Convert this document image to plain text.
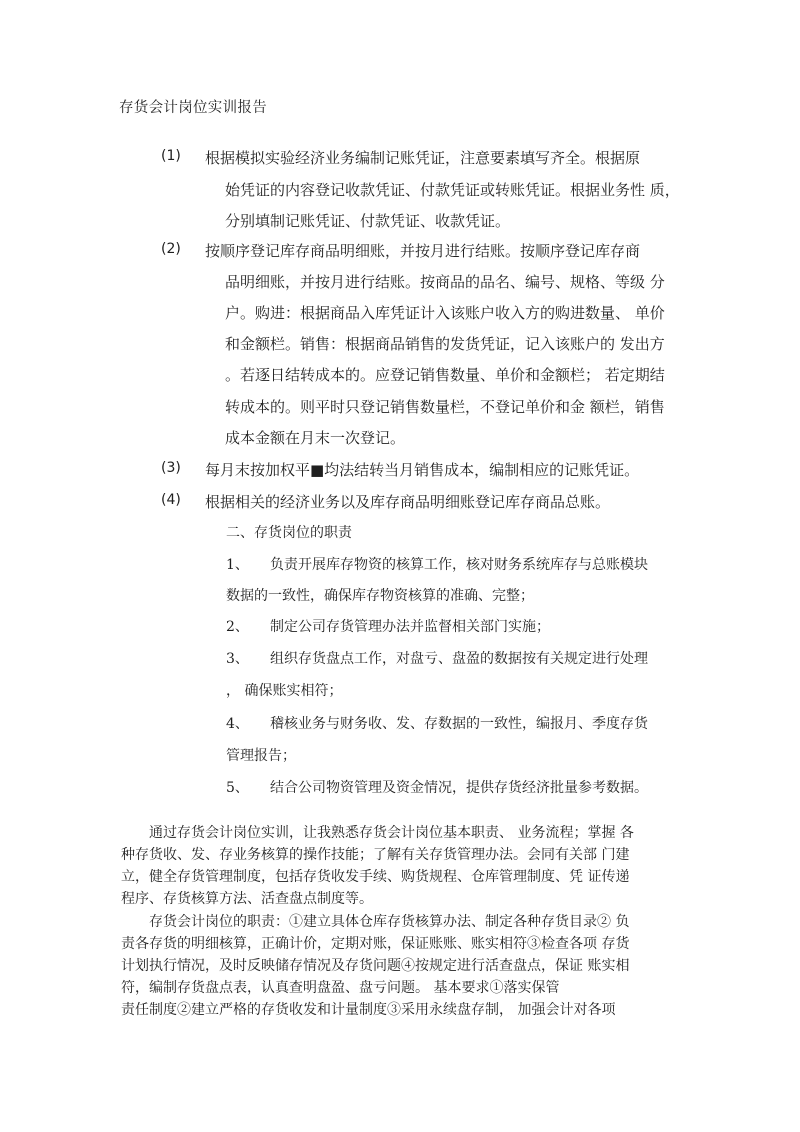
存货会计岗位实训报告
(1) 根据模拟实验经济业务编制记账凭证，注意要素填写齐全。根据原
始凭证的内容登记收款凭证、付款凭证或转账凭证。根据业务性 质，
分别填制记账凭证、付款凭证、收款凭证。
(2) 按顺序登记库存商品明细账，并按月进行结账。按顺序登记库存商
品明细账，并按月进行结账。按商品的品名、编号、规格、等级 分
户。购进：根据商品入库凭证计入该账户收入方的购进数量、 单价
和金额栏。销售：根据商品销售的发货凭证，记入该账户的 发出方
。若逐日结转成本的。应登记销售数量、单价和金额栏； 若定期结
转成本的。则平时只登记销售数量栏，不登记单价和金 额栏，销售
成本金额在月末一次登记。
(3) 每月末按加权平■均法结转当月销售成本，编制相应的记账凭证。
(4) 根据相关的经济业务以及库存商品明细账登记库存商品总账。
二、存货岗位的职责
1、 负责开展库存物资的核算工作，核对财务系统库存与总账模块
数据的一致性，确保库存物资核算的准确、完整；
2、 制定公司存货管理办法并监督相关部门实施；
3、 组织存货盘点工作，对盘亏、盘盈的数据按有关规定进行处理
， 确保账实相符；
4、 稽核业务与财务收、发、存数据的一致性，编报月、季度存货
管理报告；
5、 结合公司物资管理及资金情况，提供存货经济批量参考数据。
通过存货会计岗位实训，让我熟悉存货会计岗位基本职责、 业务流程；掌握 各
种存货收、发、存业务核算的操作技能；了解有关存货管理办法。会同有关部 门建
立，健全存货管理制度，包括存货收发手续、购货规程、仓库管理制度、凭 证传递
程序、存货核算方法、活查盘点制度等。
存货会计岗位的职责：①建立具体仓库存货核算办法、制定各种存货目录② 负
责各存货的明细核算，正确计价，定期对账，保证账账、账实相符③检查各项 存货
计划执行情况，及时反映储存情况及存货问题④按规定进行活查盘点，保证 账实相
符，编制存货盘点表，认真查明盘盈、盘亏问题。 基本要求①落实保管
责任制度②建立严格的存货收发和计量制度③采用永续盘存制， 加强会计对各项
